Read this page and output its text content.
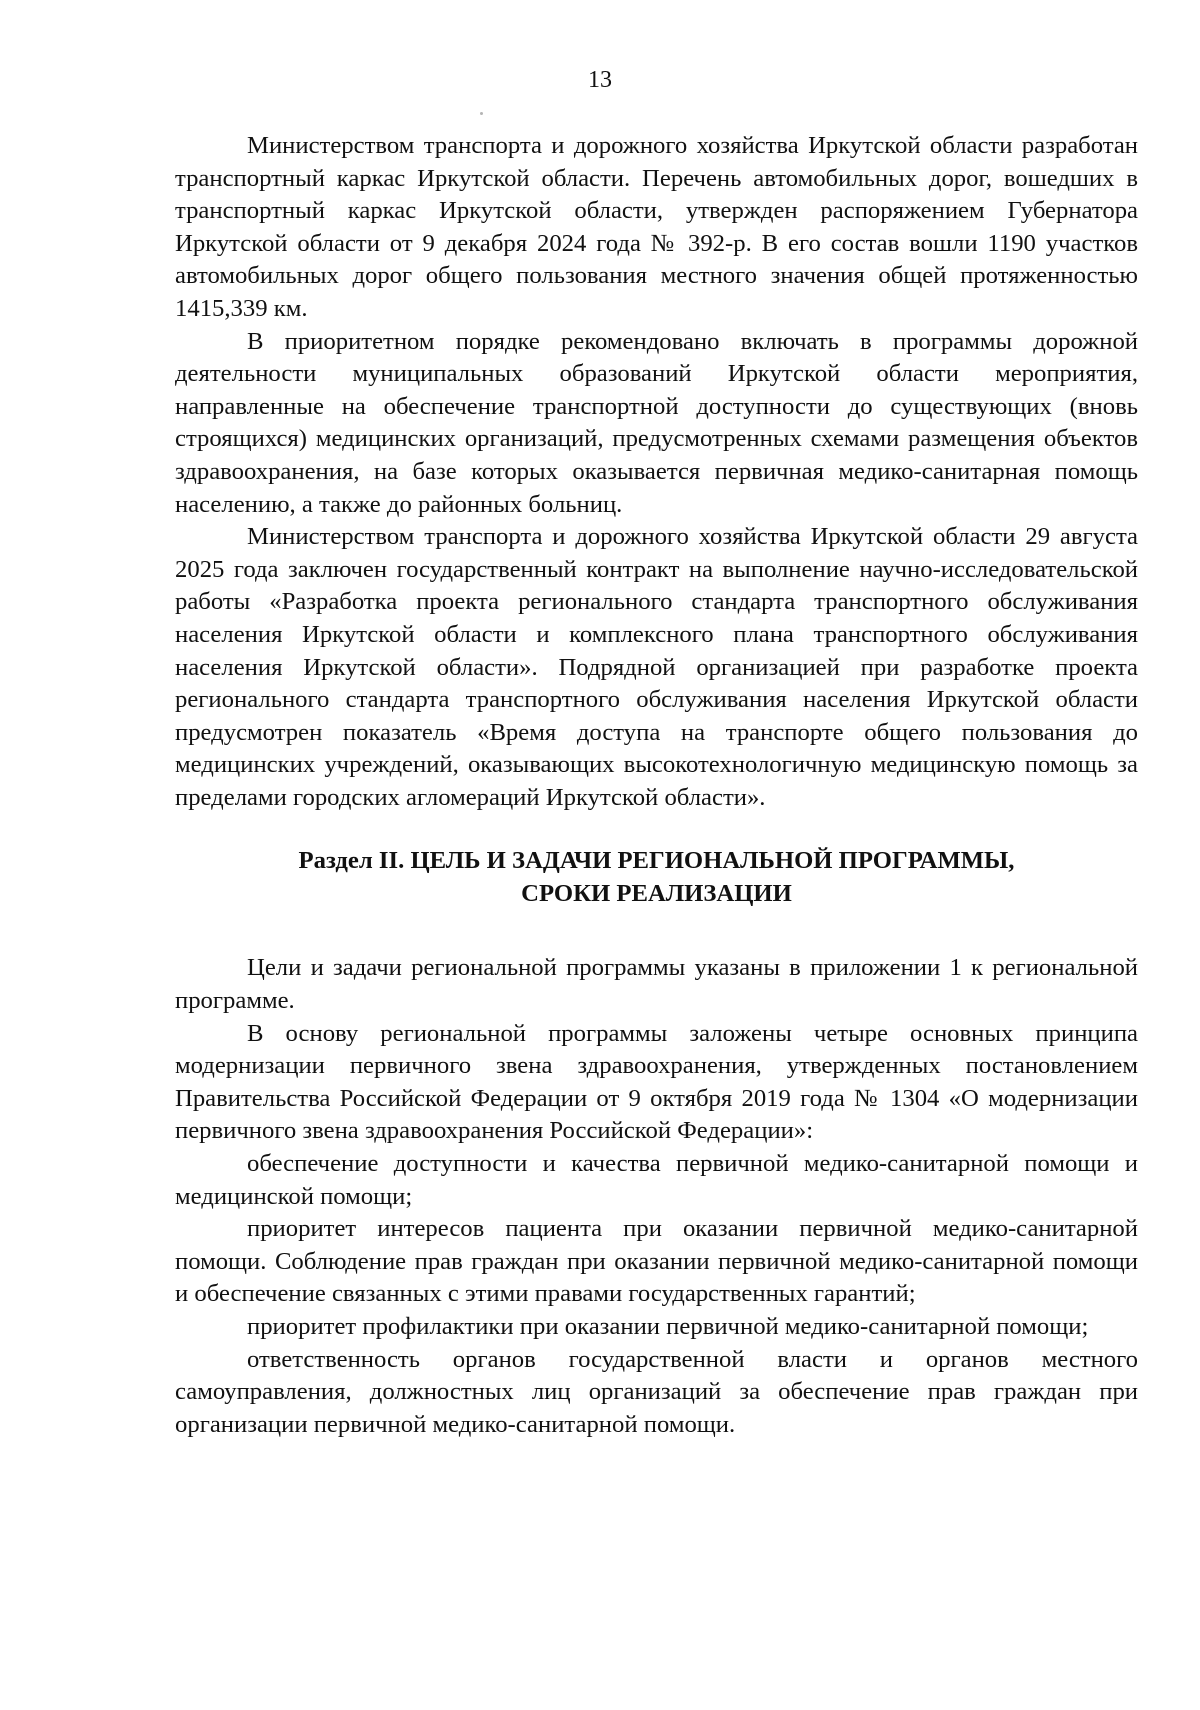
13

Министерством транспорта и дорожного хозяйства Иркутской области разработан транспортный каркас Иркутской области. Перечень автомобильных дорог, вошедших в транспортный каркас Иркутской области, утвержден распоряжением Губернатора Иркутской области от 9 декабря 2024 года № 392-р. В его состав вошли 1190 участков автомобильных дорог общего пользования местного значения общей протяженностью 1415,339 км.

В приоритетном порядке рекомендовано включать в программы дорожной деятельности муниципальных образований Иркутской области мероприятия, направленные на обеспечение транспортной доступности до существующих (вновь строящихся) медицинских организаций, предусмотренных схемами размещения объектов здравоохранения, на базе которых оказывается первичная медико-санитарная помощь населению, а также до районных больниц.

Министерством транспорта и дорожного хозяйства Иркутской области 29 августа 2025 года заключен государственный контракт на выполнение научно-исследовательской работы «Разработка проекта регионального стандарта транспортного обслуживания населения Иркутской области и комплексного плана транспортного обслуживания населения Иркутской области». Подрядной организацией при разработке проекта регионального стандарта транспортного обслуживания населения Иркутской области предусмотрен показатель «Время доступа на транспорте общего пользования до медицинских учреждений, оказывающих высокотехнологичную медицинскую помощь за пределами городских агломераций Иркутской области».

Раздел II. ЦЕЛЬ И ЗАДАЧИ РЕГИОНАЛЬНОЙ ПРОГРАММЫ,
СРОКИ РЕАЛИЗАЦИИ

Цели и задачи региональной программы указаны в приложении 1 к региональной программе.

В основу региональной программы заложены четыре основных принципа модернизации первичного звена здравоохранения, утвержденных постановлением Правительства Российской Федерации от 9 октября 2019 года № 1304 «О модернизации первичного звена здравоохранения Российской Федерации»:

обеспечение доступности и качества первичной медико-санитарной помощи и медицинской помощи;

приоритет интересов пациента при оказании первичной медико-санитарной помощи. Соблюдение прав граждан при оказании первичной медико-санитарной помощи и обеспечение связанных с этими правами государственных гарантий;

приоритет профилактики при оказании первичной медико-санитарной помощи;

ответственность органов государственной власти и органов местного самоуправления, должностных лиц организаций за обеспечение прав граждан при организации первичной медико-санитарной помощи.
